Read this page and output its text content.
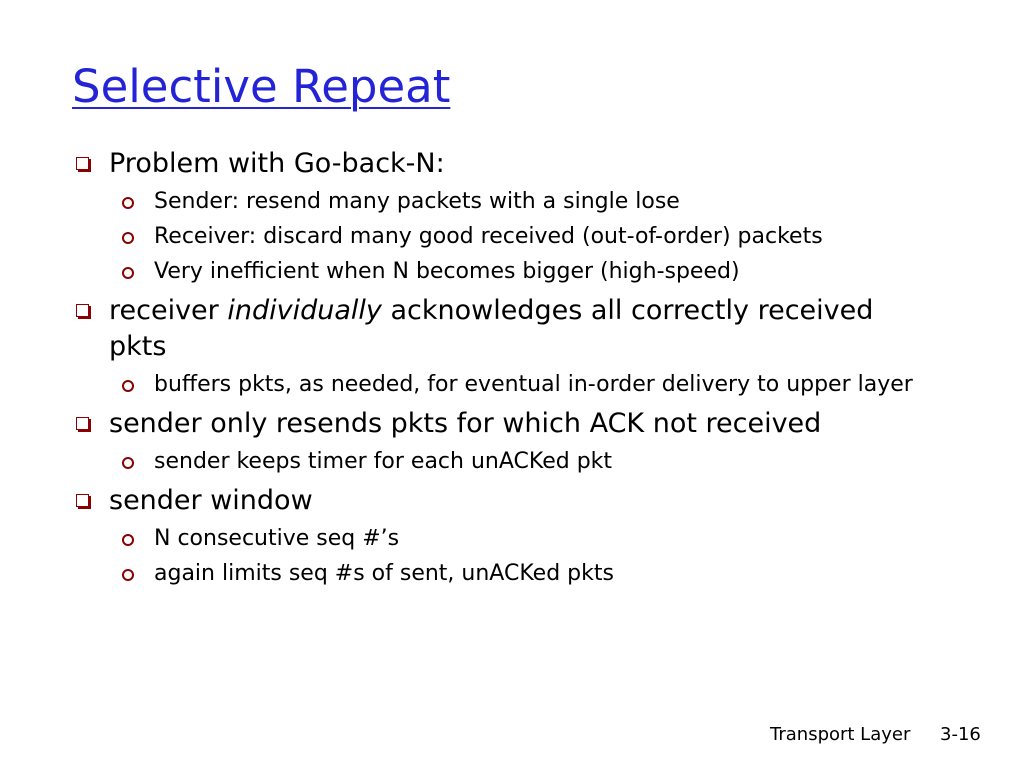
Selective Repeat
Problem with Go-back-N:
Sender: resend many packets with a single lose
Receiver: discard many good received (out-of-order) packets
Very inefficient when N becomes bigger (high-speed)
receiver individually acknowledges all correctly received pkts
buffers pkts, as needed, for eventual in-order delivery to upper layer
sender only resends pkts for which ACK not received
sender keeps timer for each unACKed pkt
sender window
N consecutive seq #’s
again limits seq #s of sent, unACKed pkts
Transport Layer 3-16
